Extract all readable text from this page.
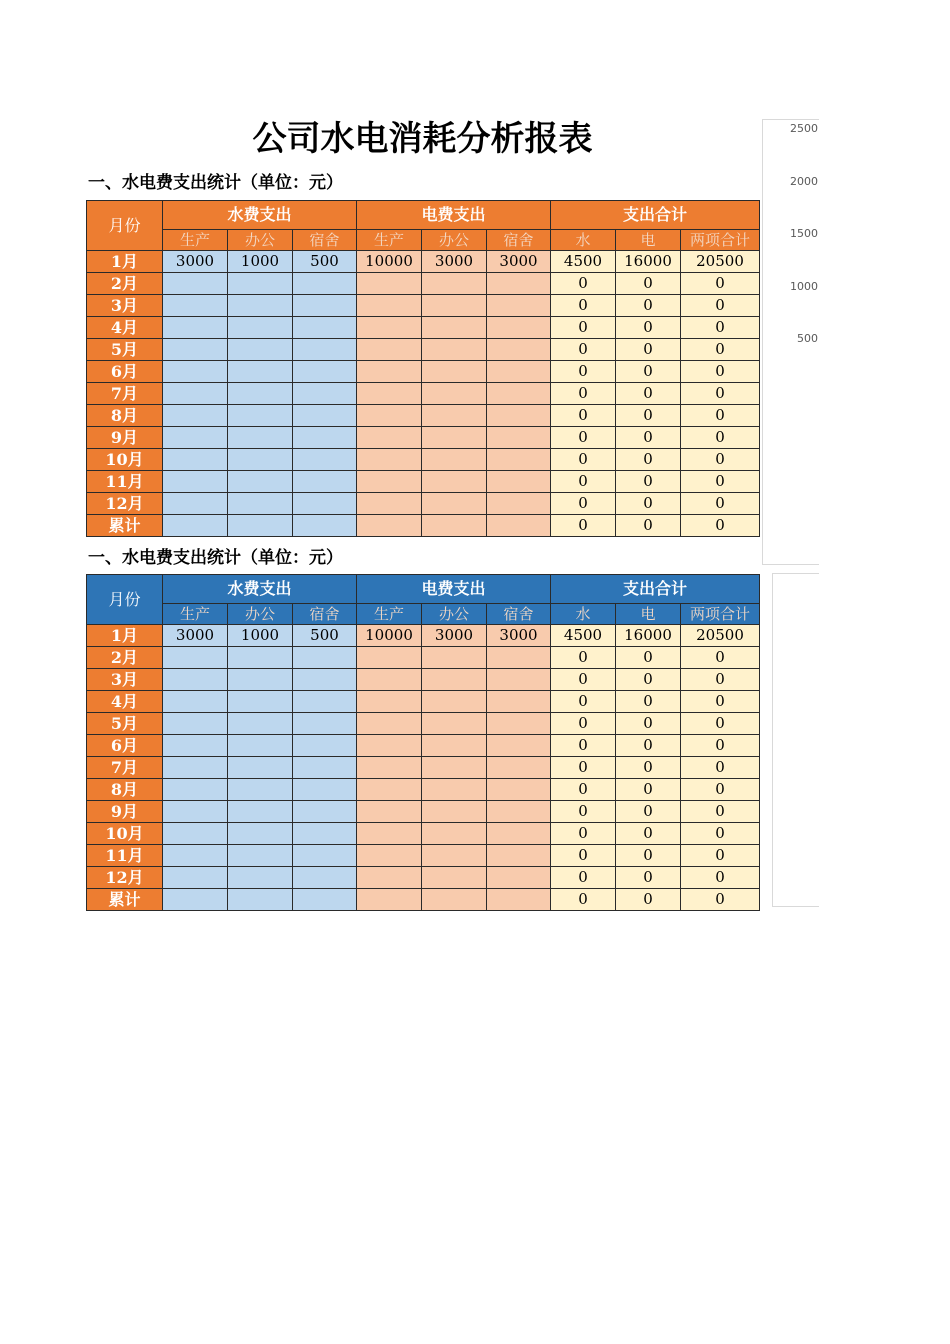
公司水电消耗分析报表
一、水电费支出统计（单位：元）
月份	水费支出			电费支出			支出合计		
	生产	办公	宿舍	生产	办公	宿舍	水	电	两项合计
1月	3000	1000	500	10000	3000	3000	4500	16000	20500
2月							0	0	0
3月							0	0	0
4月							0	0	0
5月							0	0	0
6月							0	0	0
7月							0	0	0
8月							0	0	0
9月							0	0	0
10月							0	0	0
11月							0	0	0
12月							0	0	0
累计							0	0	0
2500
2000
1500
1000
500
一、水电费支出统计（单位：元）
月份	水费支出			电费支出			支出合计		
	生产	办公	宿舍	生产	办公	宿舍	水	电	两项合计
1月	3000	1000	500	10000	3000	3000	4500	16000	20500
2月							0	0	0
3月							0	0	0
4月							0	0	0
5月							0	0	0
6月							0	0	0
7月							0	0	0
8月							0	0	0
9月							0	0	0
10月							0	0	0
11月							0	0	0
12月							0	0	0
累计							0	0	0
